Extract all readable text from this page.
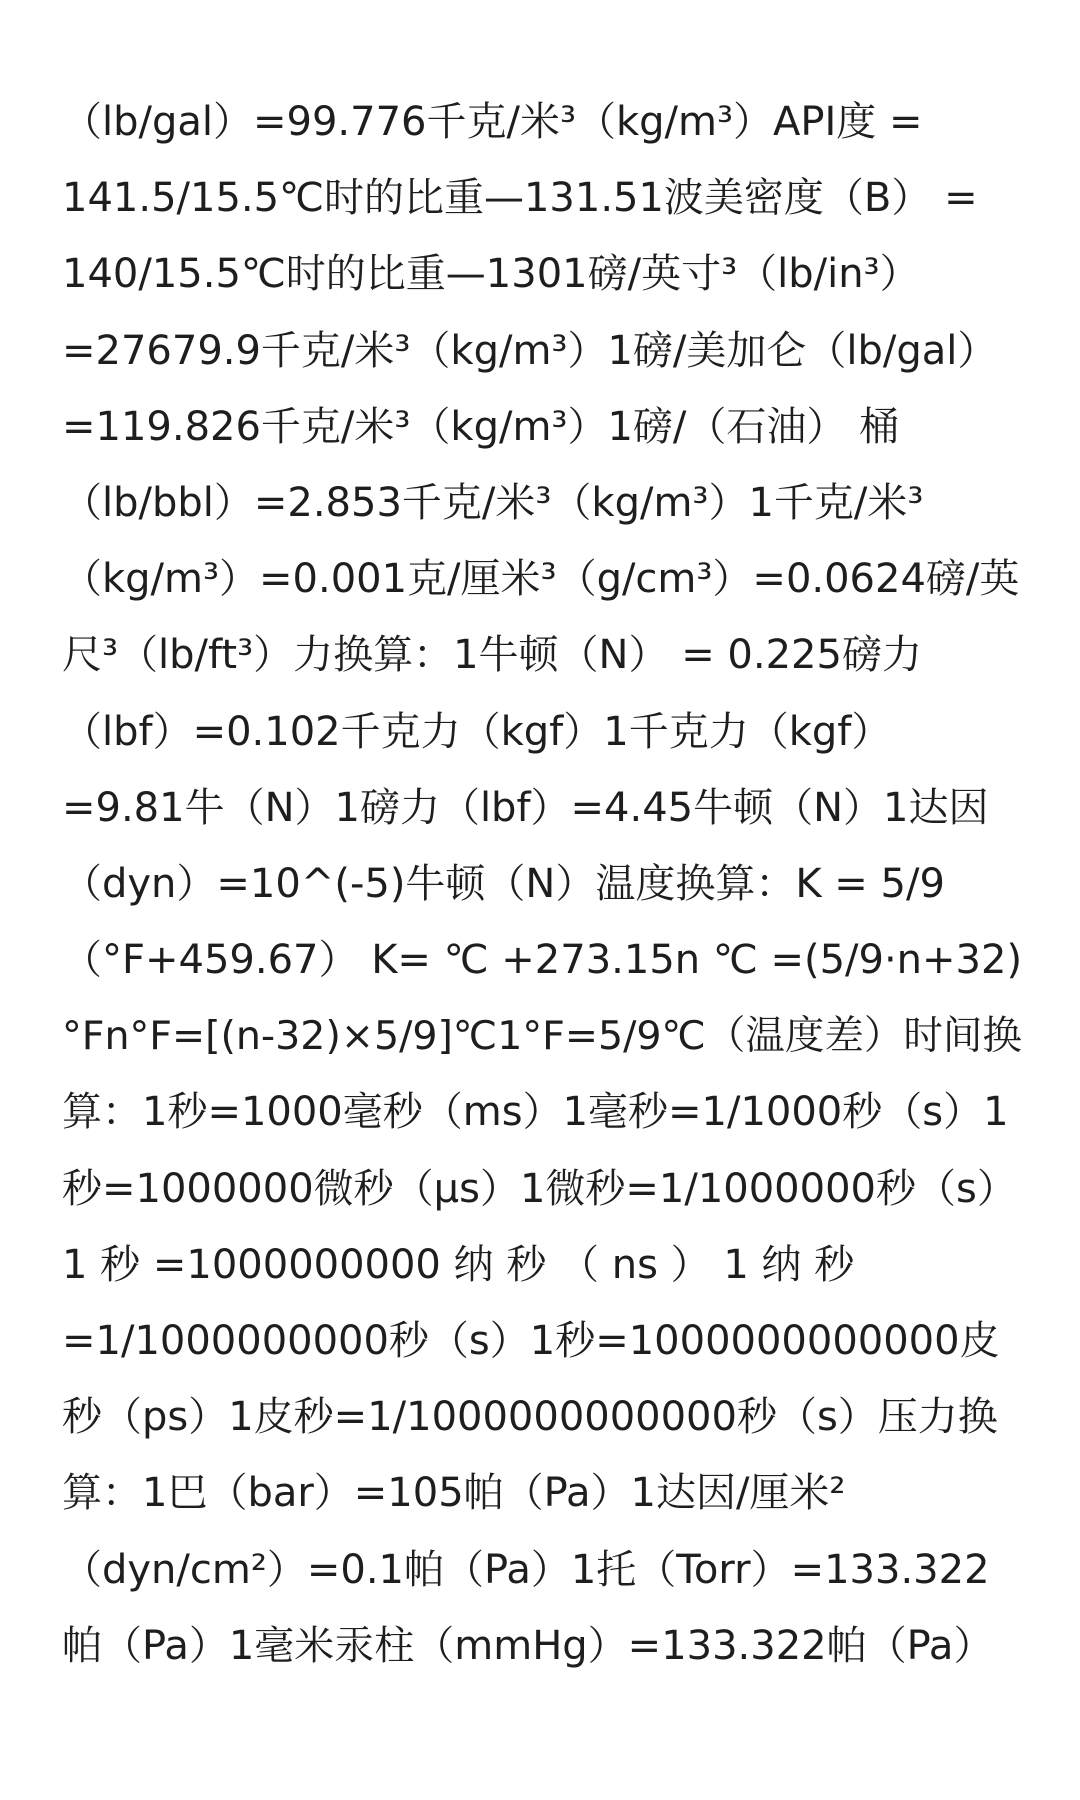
（lb/gal）=99.776千克/米³（kg/m³）API度 =
141.5/15.5℃时的比重—131.51波美密度（B） =
140/15.5℃时的比重—1301磅/英寸³（lb/in³）
=27679.9千克/米³（kg/m³）1磅/美加仑（lb/gal）
=119.826千克/米³（kg/m³）1磅/（石油） 桶
（lb/bbl）=2.853千克/米³（kg/m³）1千克/米³
（kg/m³）=0.001克/厘米³（g/cm³）=0.0624磅/英
尺³（lb/ft³）力换算：1牛顿（N） = 0.225磅力
（lbf）=0.102千克力（kgf）1千克力（kgf）
=9.81牛（N）1磅力（lbf）=4.45牛顿（N）1达因
（dyn）=10^(-5)牛顿（N）温度换算：K = 5/9
（°F+459.67） K= ℃ +273.15n ℃ =(5/9·n+32)
°Fn°F=[(n-32)×5/9]℃1°F=5/9℃（温度差）时间换
算：1秒=1000毫秒（ms）1毫秒=1/1000秒（s）1
秒=1000000微秒（μs）1微秒=1/1000000秒（s）
1 秒 =1000000000 纳 秒 （ ns ） 1 纳 秒
=1/1000000000秒（s）1秒=1000000000000皮
秒（ps）1皮秒=1/1000000000000秒（s）压力换
算：1巴（bar）=105帕（Pa）1达因/厘米²
（dyn/cm²）=0.1帕（Pa）1托（Torr）=133.322
帕（Pa）1毫米汞柱（mmHg）=133.322帕（Pa）
